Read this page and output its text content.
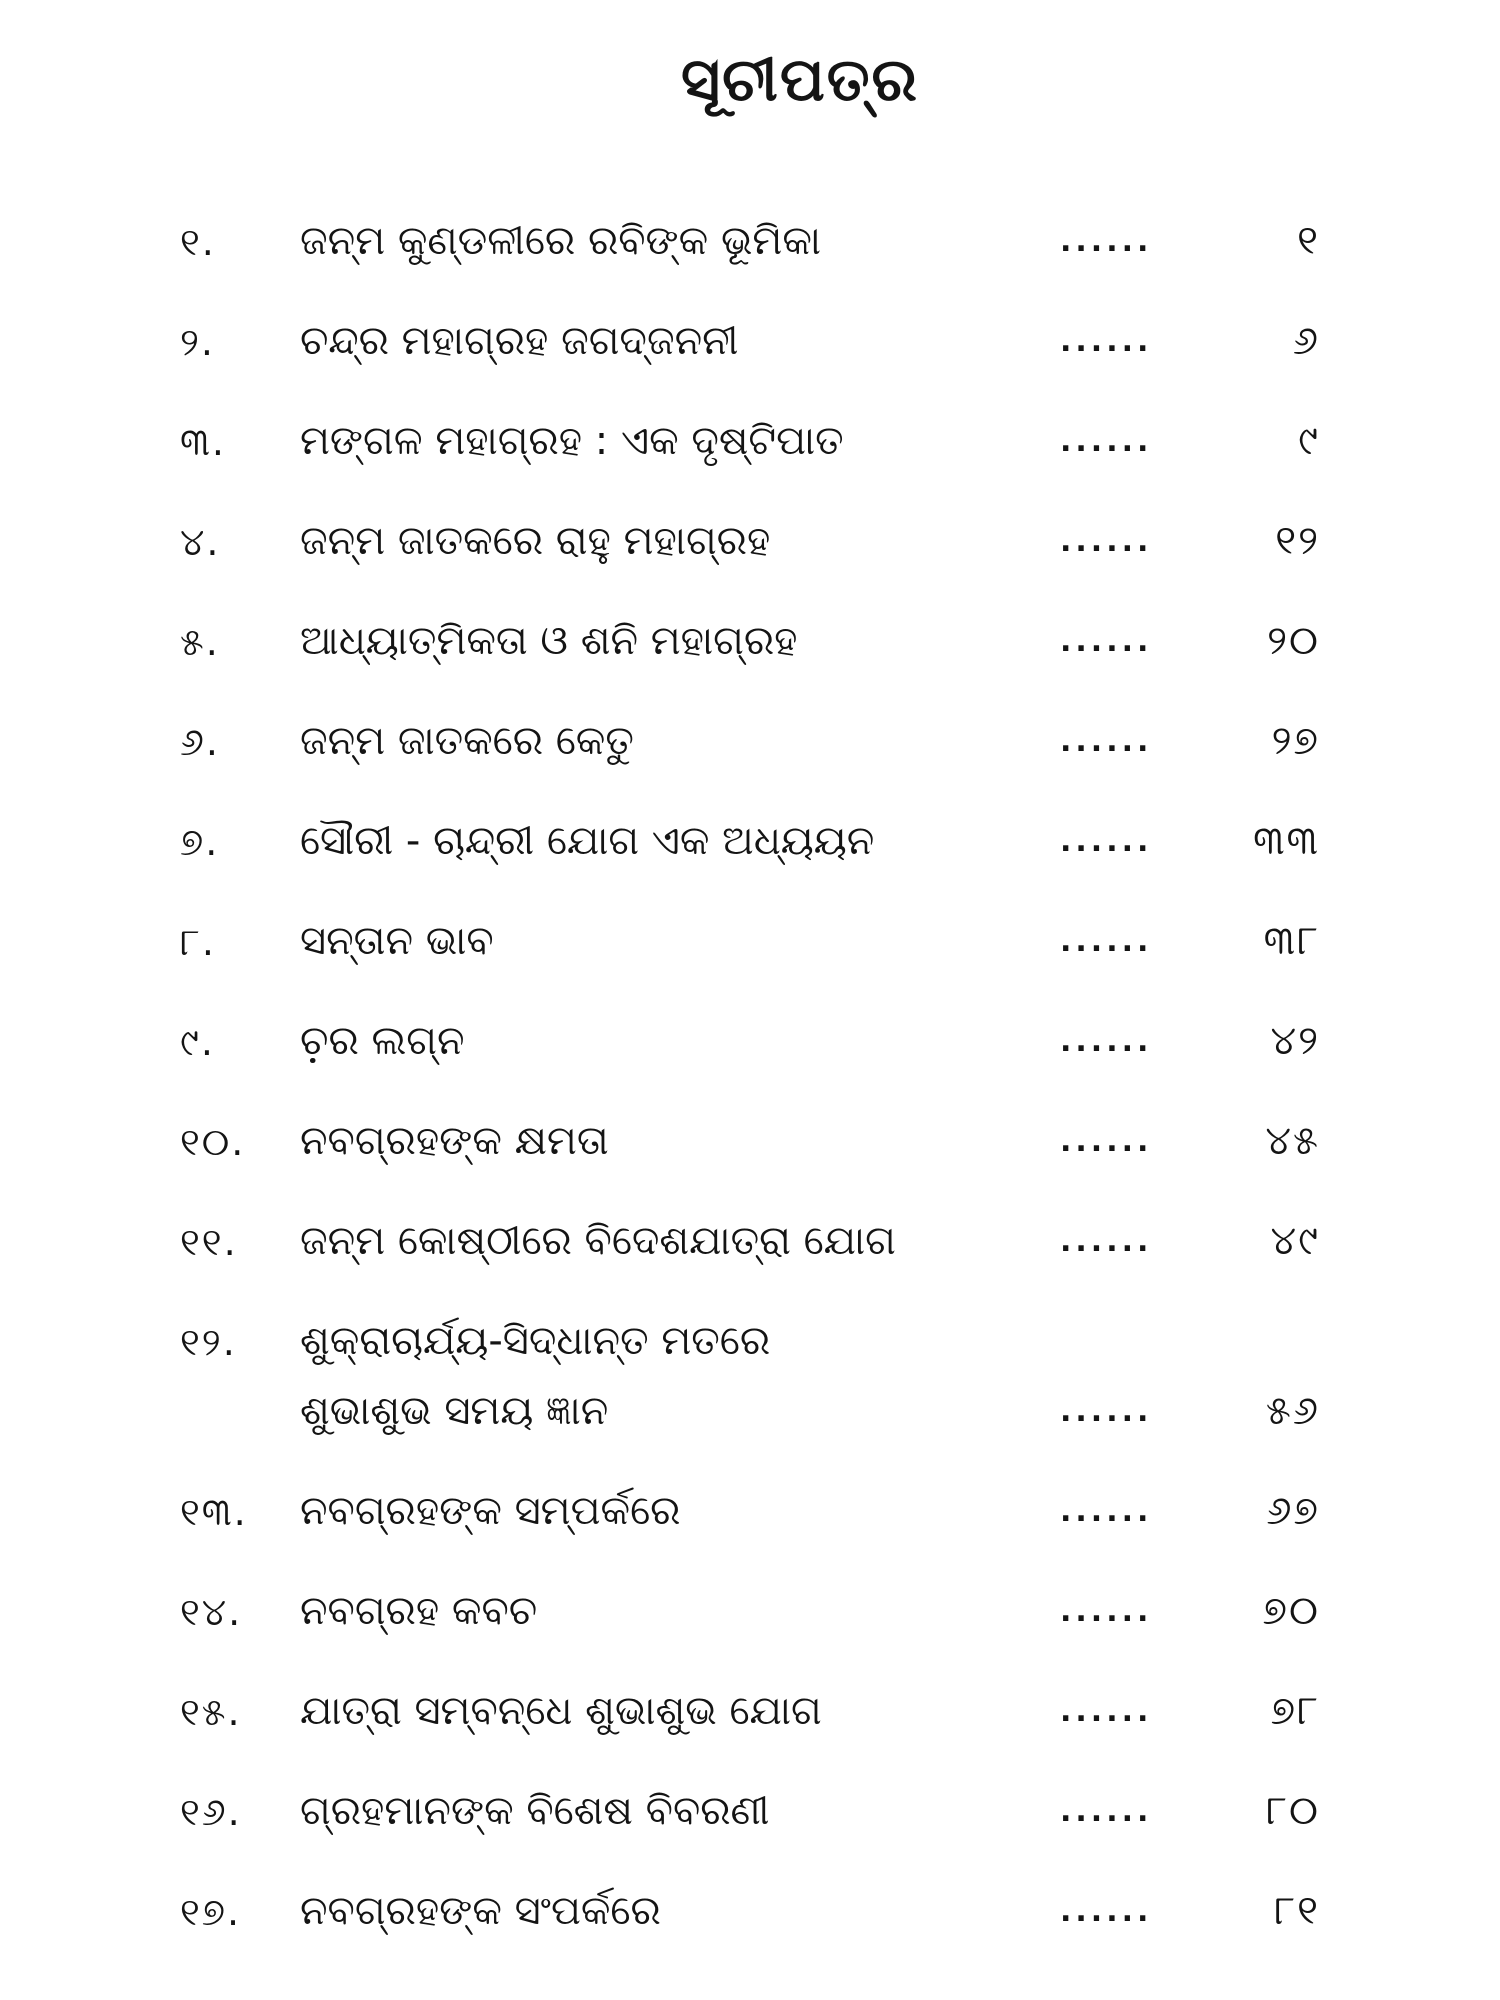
ସୂଚୀପତ୍ର
୧. ଜନ୍ମ କୁଣ୍ଡଳୀରେ ରବିଙ୍କ ଭୂମିକା	......	୧
୨. ଚନ୍ଦ୍ର ମହାଗ୍ରହ ଜଗଦ୍‌ଜନନୀ	......	୬
୩. ମଙ୍ଗଳ ମହାଗ୍ରହ : ଏକ ଦୃଷ୍ଟିପାତ	......	୯
୪. ଜନ୍ମ ଜାତକରେ ରାହୁ ମହାଗ୍ରହ	......	୧୨
୫. ଆଧ୍ୟାତ୍ମିକତା ଓ ଶନି ମହାଗ୍ରହ	......	୨୦
୬. ଜନ୍ମ ଜାତକରେ କେତୁ	......	୨୭
୭. ସୌରୀ - ଚାନ୍ଦ୍ରୀ ଯୋଗ ଏକ ଅଧ୍ୟୟନ	......	୩୩
୮. ସନ୍ତାନ ଭାବ	......	୩୮
୯. ଚ଼ର ଲଗ୍ନ	......	୪୨
୧୦. ନବଗ୍ରହଙ୍କ କ୍ଷମତା	......	୪୫
୧୧. ଜନ୍ମ କୋଷ୍ଠୀରେ ବିଦେଶଯାତ୍ରା ଯୋଗ	......	୪୯
୧୨. ଶୁକ୍ରାଚାର୍ଯ୍ୟ-ସିଦ୍ଧାନ୍ତ ମତରେ
ଶୁଭାଶୁଭ ସମୟ ଜ୍ଞାନ	......	୫୬
୧୩. ନବଗ୍ରହଙ୍କ ସମ୍ପର୍କରେ	......	୬୭
୧୪. ନବଗ୍ରହ କବଚ	......	୭୦
୧୫. ଯାତ୍ରା ସମ୍ବନ୍ଧେ ଶୁଭାଶୁଭ ଯୋଗ	......	୭୮
୧୬. ଗ୍ରହମାନଙ୍କ ବିଶେଷ ବିବରଣୀ	......	୮୦
୧୭. ନବଗ୍ରହଙ୍କ ସଂପର୍କରେ	......	୮୧
